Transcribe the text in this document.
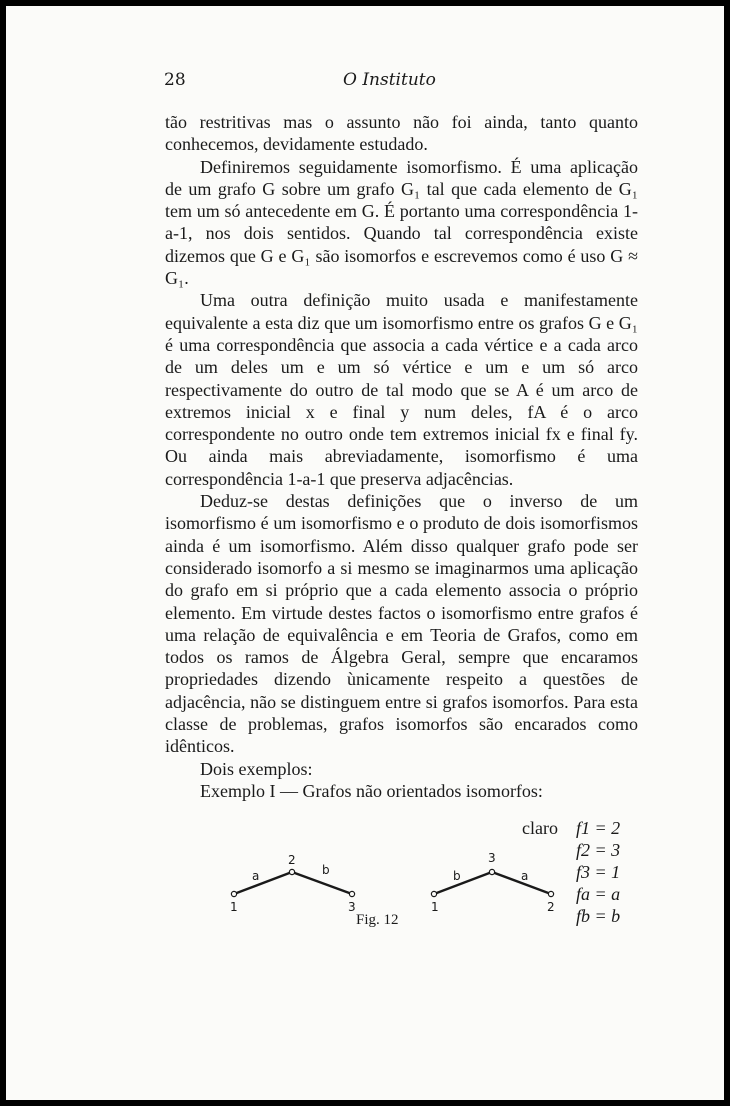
28	O Instituto

tão restritivas mas o assunto não foi ainda, tanto quanto conhecemos, devidamente estudado.

Definiremos seguidamente isomorfismo. É uma aplicação de um grafo G sobre um grafo G₁ tal que cada elemento de G₁ tem um só antecedente em G. É portanto uma correspondência 1-a-1, nos dois sentidos. Quando tal correspondência existe dizemos que G e G₁ são isomorfos e escrevemos como é uso G ≈ G₁.

Uma outra definição muito usada e manifestamente equivalente a esta diz que um isomorfismo entre os grafos G e G₁ é uma correspondência que associa a cada vértice e a cada arco de um deles um e um só vértice e um e um só arco respectivamente do outro de tal modo que se A é um arco de extremos inicial x e final y num deles, fA é o arco correspondente no outro onde tem extremos inicial fx e final fy. Ou ainda mais abreviadamente, isomorfismo é uma correspondência 1-a-1 que preserva adjacências.

Deduz-se destas definições que o inverso de um isomorfismo é um isomorfismo e o produto de dois isomorfismos ainda é um isomorfismo. Além disso qualquer grafo pode ser considerado isomorfo a si mesmo se imaginarmos uma aplicação do grafo em si próprio que a cada elemento associa o próprio elemento. Em virtude destes factos o isomorfismo entre grafos é uma relação de equivalência e em Teoria de Grafos, como em todos os ramos de Álgebra Geral, sempre que encaramos propriedades dizendo ùnicamente respeito a questões de adjacência, não se distinguem entre si grafos isomorfos. Para esta classe de problemas, grafos isomorfos são encarados como idênticos.

Dois exemplos:

Exemplo I — Grafos não orientados isomorfos:

1
2
3
a	b
1
3
2
b	a
Fig. 12
claro f1 = 2
f2 = 3
f3 = 1
fa = a
fb = b
